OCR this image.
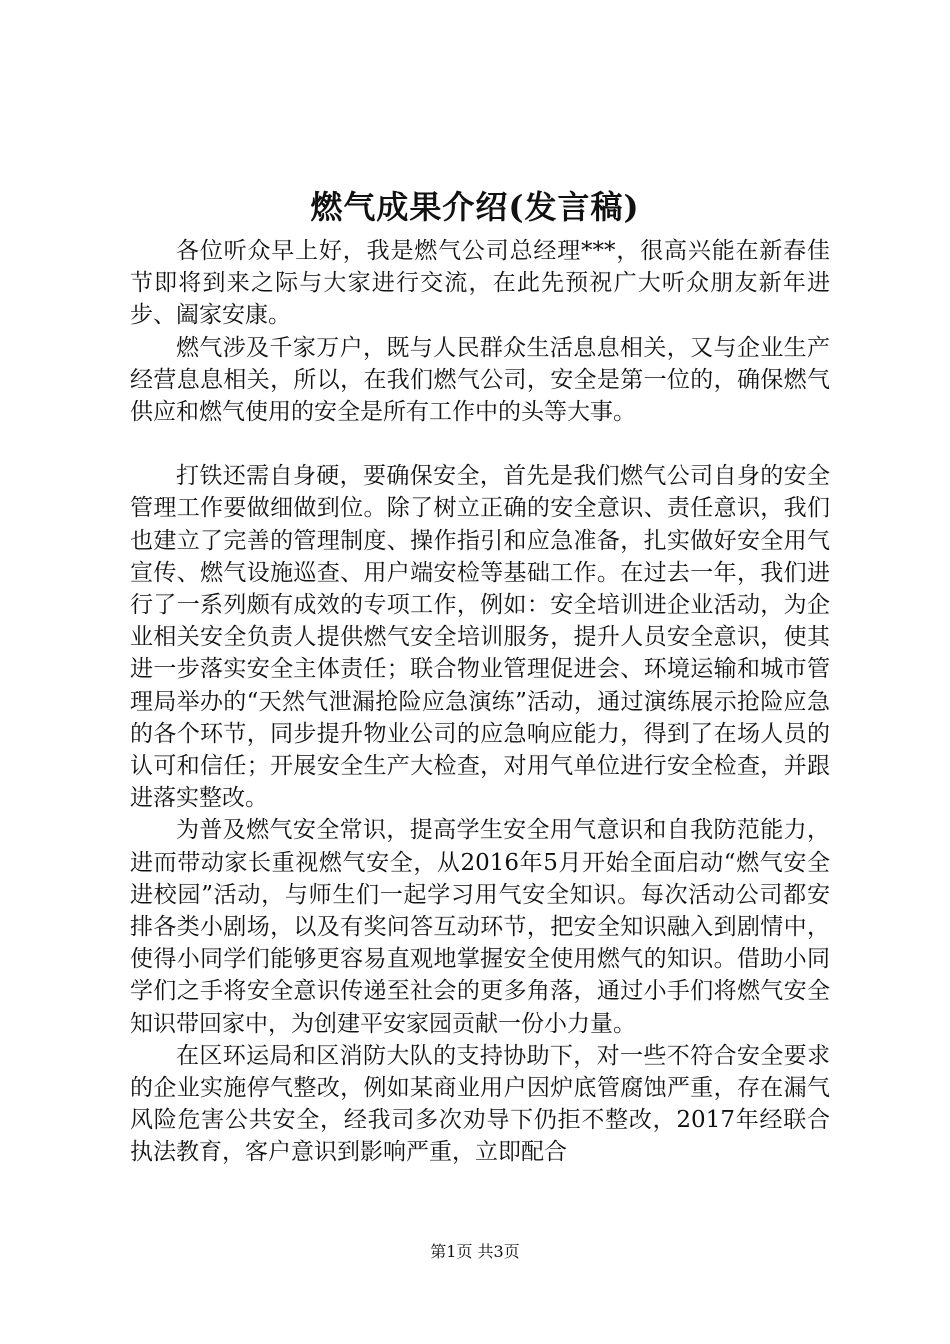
燃气成果介绍(发言稿)

各位听众早上好，我是燃气公司总经理***，很高兴能在新春佳节即将到来之际与大家进行交流，在此先预祝广大听众朋友新年进步、阖家安康。

燃气涉及千家万户，既与人民群众生活息息相关，又与企业生产经营息息相关，所以，在我们燃气公司，安全是第一位的，确保燃气供应和燃气使用的安全是所有工作中的头等大事。

打铁还需自身硬，要确保安全，首先是我们燃气公司自身的安全管理工作要做细做到位。除了树立正确的安全意识、责任意识，我们也建立了完善的管理制度、操作指引和应急准备，扎实做好安全用气宣传、燃气设施巡查、用户端安检等基础工作。在过去一年，我们进行了一系列颇有成效的专项工作，例如：安全培训进企业活动，为企业相关安全负责人提供燃气安全培训服务，提升人员安全意识，使其进一步落实安全主体责任；联合物业管理促进会、环境运输和城市管理局举办的“天然气泄漏抢险应急演练”活动，通过演练展示抢险应急的各个环节，同步提升物业公司的应急响应能力，得到了在场人员的认可和信任；开展安全生产大检查，对用气单位进行安全检查，并跟进落实整改。

为普及燃气安全常识，提高学生安全用气意识和自我防范能力，进而带动家长重视燃气安全，从2016年5月开始全面启动“燃气安全进校园”活动，与师生们一起学习用气安全知识。每次活动公司都安排各类小剧场，以及有奖问答互动环节，把安全知识融入到剧情中，使得小同学们能够更容易直观地掌握安全使用燃气的知识。借助小同学们之手将安全意识传递至社会的更多角落，通过小手们将燃气安全知识带回家中，为创建平安家园贡献一份小力量。

在区环运局和区消防大队的支持协助下，对一些不符合安全要求的企业实施停气整改，例如某商业用户因炉底管腐蚀严重，存在漏气风险危害公共安全，经我司多次劝导下仍拒不整改，2017年经联合执法教育，客户意识到影响严重，立即配合

第1页 共3页
